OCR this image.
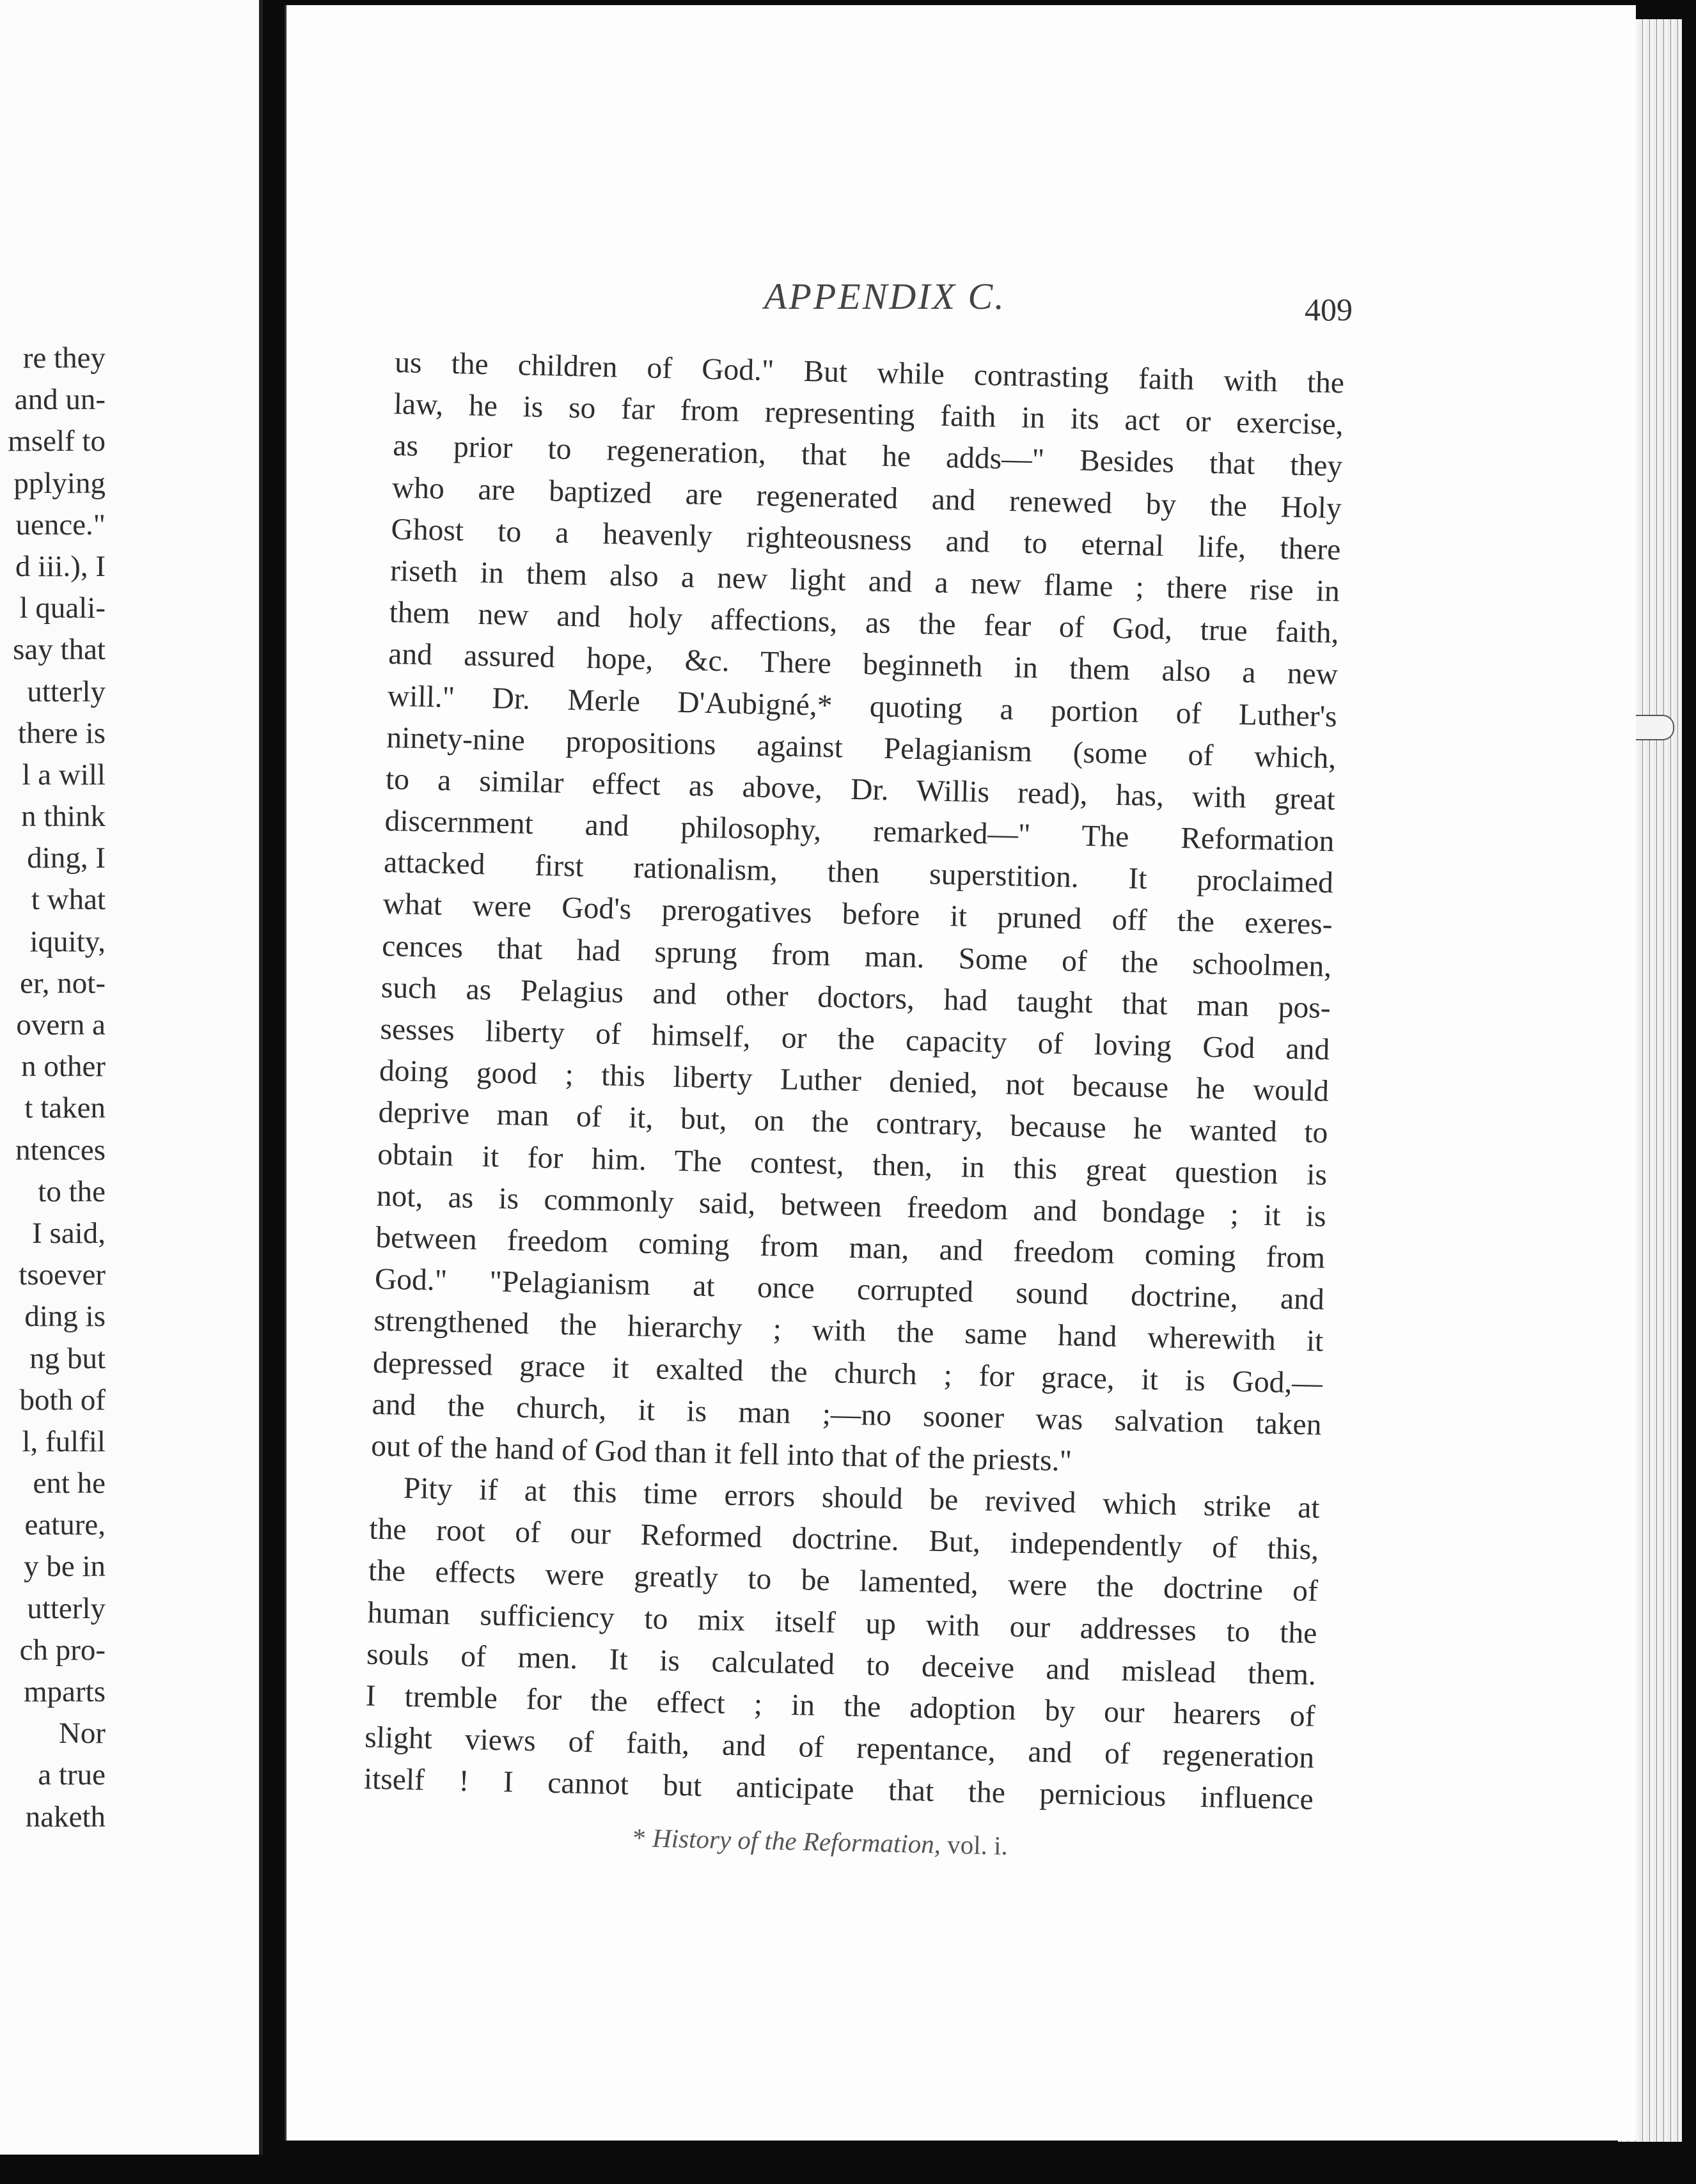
re they
and un-
mself to
pplying
uence."
d iii.), I
l quali-
say that
utterly
there is
l a will
n think
ding, I
t what
iquity,
er, not-
overn a
n other
t taken
ntences
to the
I said,
tsoever
ding is
ng but
both of
l, fulfil
ent he
eature,
y be in
utterly
ch pro-
mparts
Nor
a true
naketh
APPENDIX C.	409
us the children of God." But while contrasting faith with the
law, he is so far from representing faith in its act or exercise,
as prior to regeneration, that he adds—" Besides that they
who are baptized are regenerated and renewed by the Holy
Ghost to a heavenly righteousness and to eternal life, there
riseth in them also a new light and a new flame ; there rise in
them new and holy affections, as the fear of God, true faith,
and assured hope, &c. There beginneth in them also a new
will." Dr. Merle D'Aubigné,* quoting a portion of Luther's
ninety-nine propositions against Pelagianism (some of which,
to a similar effect as above, Dr. Willis read), has, with great
discernment and philosophy, remarked—" The Reformation
attacked first rationalism, then superstition. It proclaimed
what were God's prerogatives before it pruned off the exeres-
cences that had sprung from man. Some of the schoolmen,
such as Pelagius and other doctors, had taught that man pos-
sesses liberty of himself, or the capacity of loving God and
doing good ; this liberty Luther denied, not because he would
deprive man of it, but, on the contrary, because he wanted to
obtain it for him. The contest, then, in this great question is
not, as is commonly said, between freedom and bondage ; it is
between freedom coming from man, and freedom coming from
God." "Pelagianism at once corrupted sound doctrine, and
strengthened the hierarchy ; with the same hand wherewith it
depressed grace it exalted the church ; for grace, it is God,—
and the church, it is man ;—no sooner was salvation taken
out of the hand of God than it fell into that of the priests."
Pity if at this time errors should be revived which strike at
the root of our Reformed doctrine. But, independently of this,
the effects were greatly to be lamented, were the doctrine of
human sufficiency to mix itself up with our addresses to the
souls of men. It is calculated to deceive and mislead them.
I tremble for the effect ; in the adoption by our hearers of
slight views of faith, and of repentance, and of regeneration
itself ! I cannot but anticipate that the pernicious influence
* History of the Reformation, vol. i.
